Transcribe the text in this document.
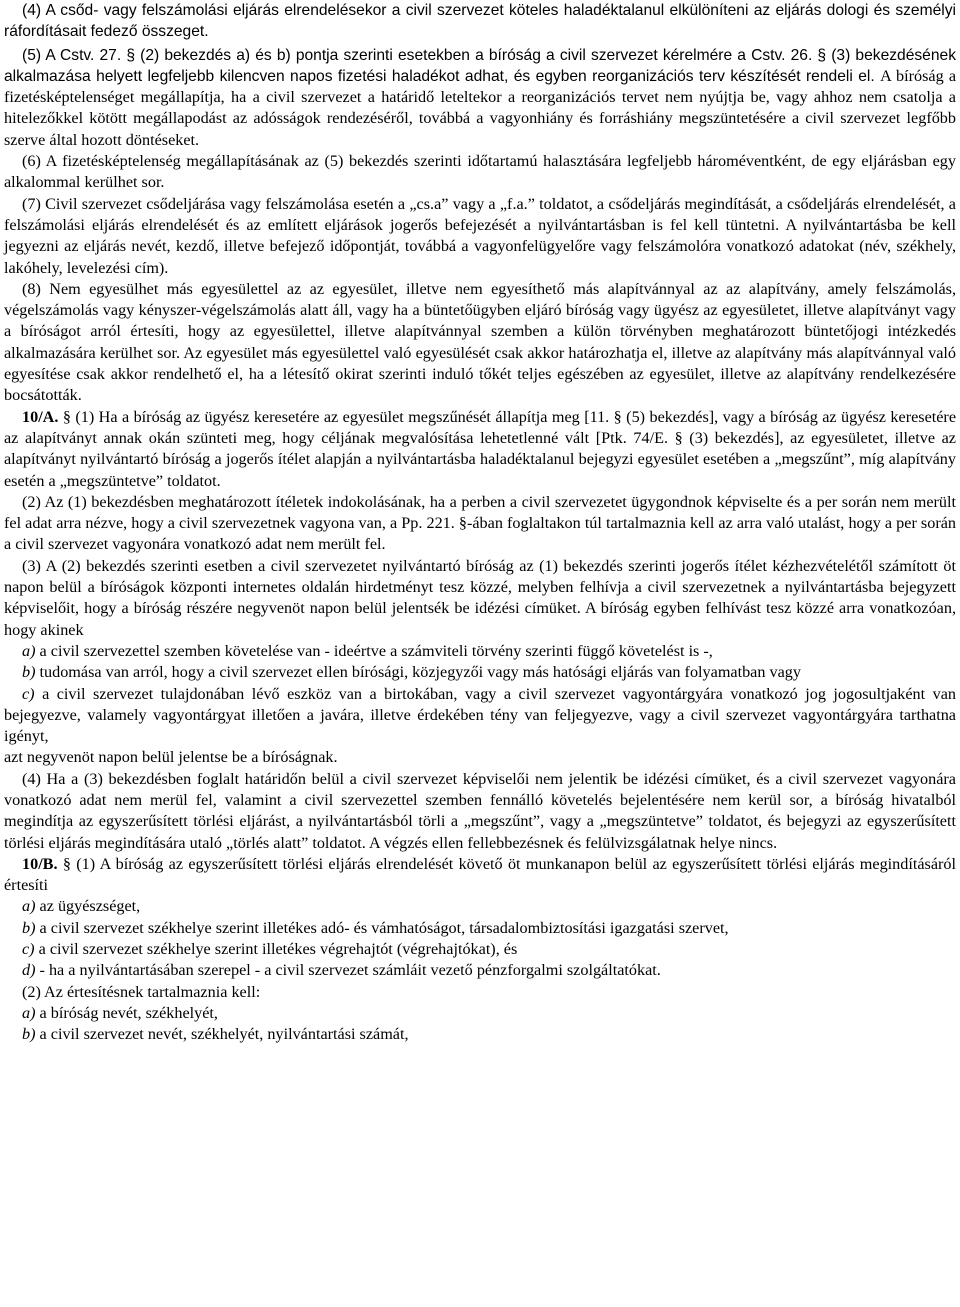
(4) A csőd- vagy felszámolási eljárás elrendelésekor a civil szervezet köteles haladéktalanul elkülöníteni az eljárás dologi és személyi ráfordításait fedező összeget.

(5) A Cstv. 27. § (2) bekezdés a) és b) pontja szerinti esetekben a bíróság a civil szervezet kérelmére a Cstv. 26. § (3) bekezdésének alkalmazása helyett legfeljebb kilencven napos fizetési haladékot adhat, és egyben reorganizációs terv készítését rendeli el. A bíróság a fizetésképtelenséget megállapítja, ha a civil szervezet a határidő leteltekor a reorganizációs tervet nem nyújtja be, vagy ahhoz nem csatolja a hitelezőkkel kötött megállapodást az adósságok rendezéséről, továbbá a vagyonhiány és forráshiány megszüntetésére a civil szervezet legfőbb szerve által hozott döntéseket.

(6) A fizetésképtelenség megállapításának az (5) bekezdés szerinti időtartamú halasztására legfeljebb hároméventként, de egy eljárásban egy alkalommal kerülhet sor.

(7) Civil szervezet csődeljárása vagy felszámolása esetén a „cs.a” vagy a „f.a.” toldatot, a csődeljárás megindítását, a csődeljárás elrendelését, a felszámolási eljárás elrendelését és az említett eljárások jogerős befejezését a nyilvántartásban is fel kell tüntetni. A nyilvántartásba be kell jegyezni az eljárás nevét, kezdő, illetve befejező időpontját, továbbá a vagyonfelügyelőre vagy felszámolóra vonatkozó adatokat (név, székhely, lakóhely, levelezési cím).

(8) Nem egyesülhet más egyesülettel az az egyesület, illetve nem egyesíthető más alapítvánnyal az az alapítvány, amely felszámolás, végelszámolás vagy kényszer-végelszámolás alatt áll, vagy ha a büntetőügyben eljáró bíróság vagy ügyész az egyesületet, illetve alapítványt vagy a bíróságot arról értesíti, hogy az egyesülettel, illetve alapítvánnyal szemben a külön törvényben meghatározott büntetőjogi intézkedés alkalmazására kerülhet sor. Az egyesület más egyesülettel való egyesülését csak akkor határozhatja el, illetve az alapítvány más alapítvánnyal való egyesítése csak akkor rendelhető el, ha a létesítő okirat szerinti induló tőkét teljes egészében az egyesület, illetve az alapítvány rendelkezésére bocsátották.

10/A. § (1) Ha a bíróság az ügyész keresetére az egyesület megszűnését állapítja meg [11. § (5) bekezdés], vagy a bíróság az ügyész keresetére az alapítványt annak okán szünteti meg, hogy céljának megvalósítása lehetetlenné vált [Ptk. 74/E. § (3) bekezdés], az egyesületet, illetve az alapítványt nyilvántartó bíróság a jogerős ítélet alapján a nyilvántartásba haladéktalanul bejegyzi egyesület esetében a „megszűnt”, míg alapítvány esetén a „megszüntetve” toldatot.

(2) Az (1) bekezdésben meghatározott ítéletek indokolásának, ha a perben a civil szervezetet ügygondnok képviselte és a per során nem merült fel adat arra nézve, hogy a civil szervezetnek vagyona van, a Pp. 221. §-ában foglaltakon túl tartalmaznia kell az arra való utalást, hogy a per során a civil szervezet vagyonára vonatkozó adat nem merült fel.

(3) A (2) bekezdés szerinti esetben a civil szervezetet nyilvántartó bíróság az (1) bekezdés szerinti jogerős ítélet kézhezvételétől számított öt napon belül a bíróságok központi internetes oldalán hirdetményt tesz közzé, melyben felhívja a civil szervezetnek a nyilvántartásba bejegyzett képviselőit, hogy a bíróság részére negyvenöt napon belül jelentsék be idézési címüket. A bíróság egyben felhívást tesz közzé arra vonatkozóan, hogy akinek

a) a civil szervezettel szemben követelése van - ideértve a számviteli törvény szerinti függő követelést is -,
b) tudomása van arról, hogy a civil szervezet ellen bírósági, közjegyzői vagy más hatósági eljárás van folyamatban vagy
c) a civil szervezet tulajdonában lévő eszköz van a birtokában, vagy a civil szervezet vagyontárgyára vonatkozó jog jogosultjaként van bejegyezve, valamely vagyontárgyat illetően a javára, illetve érdekében tény van feljegyezve, vagy a civil szervezet vagyontárgyára tarthatna igényt,

azt negyvenöt napon belül jelentse be a bíróságnak.

(4) Ha a (3) bekezdésben foglalt határidőn belül a civil szervezet képviselői nem jelentik be idézési címüket, és a civil szervezet vagyonára vonatkozó adat nem merül fel, valamint a civil szervezettel szemben fennálló követelés bejelentésére nem kerül sor, a bíróság hivatalból megindítja az egyszerűsített törlési eljárást, a nyilvántartásból törli a „megszűnt”, vagy a „megszüntetve” toldatot, és bejegyzi az egyszerűsített törlési eljárás megindítására utaló „törlés alatt” toldatot. A végzés ellen fellebbezésnek és felülvizsgálatnak helye nincs.

10/B. § (1) A bíróság az egyszerűsített törlési eljárás elrendelését követő öt munkanapon belül az egyszerűsített törlési eljárás megindításáról értesíti

a) az ügyészséget,
b) a civil szervezet székhelye szerint illetékes adó- és vámhatóságot, társadalombiztosítási igazgatási szervet,
c) a civil szervezet székhelye szerint illetékes végrehajtót (végrehajtókat), és
d) - ha a nyilvántartásában szerepel - a civil szervezet számláit vezető pénzforgalmi szolgáltatókat.

(2) Az értesítésnek tartalmaznia kell:

a) a bíróság nevét, székhelyét,
b) a civil szervezet nevét, székhelyét, nyilvántartási számát,
